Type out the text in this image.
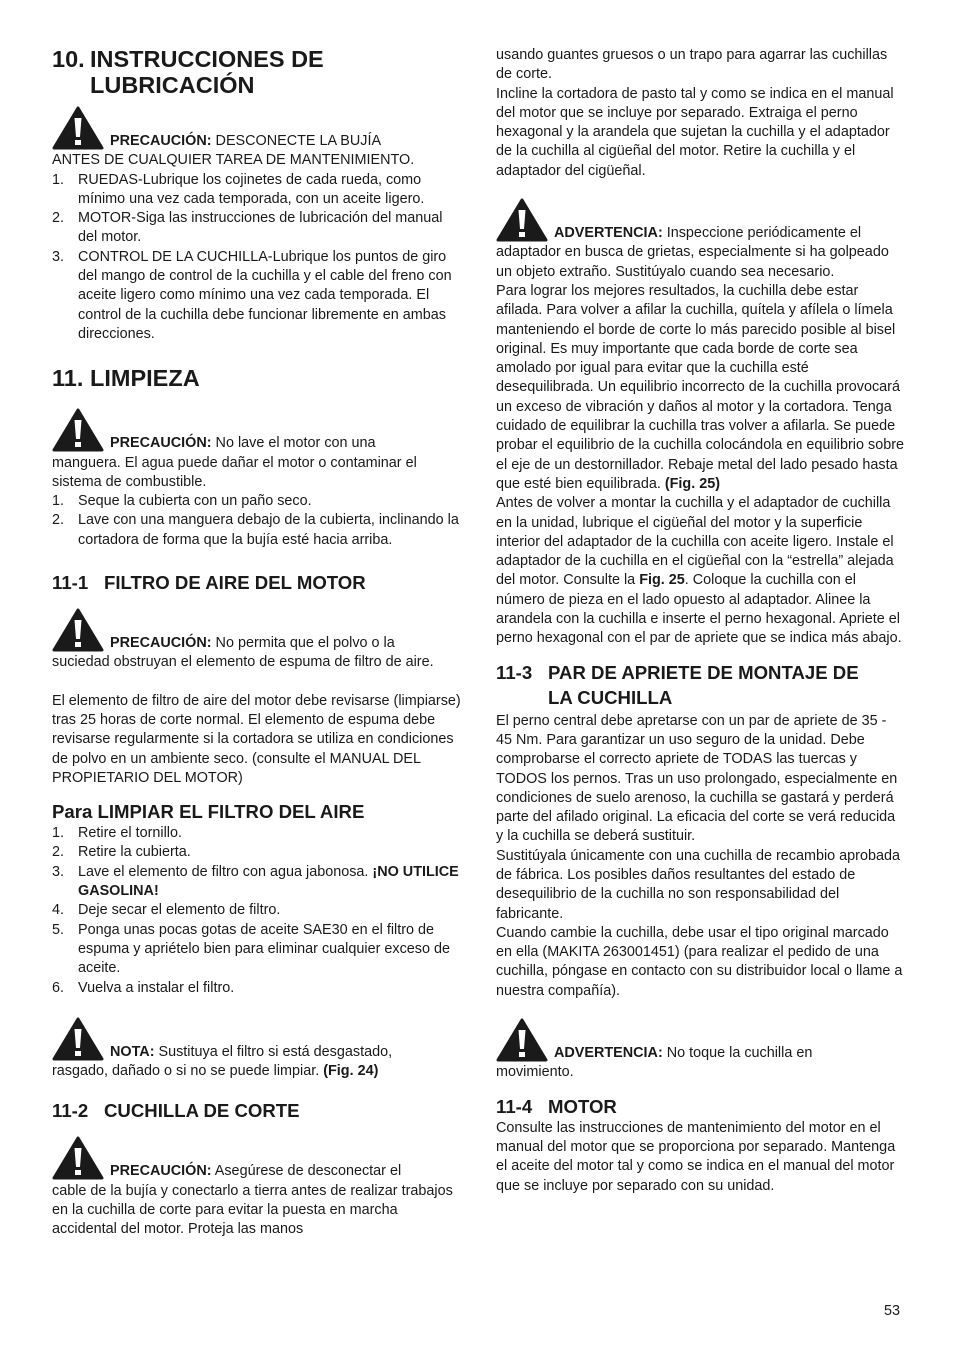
10. INSTRUCCIONES DE
LUBRICACIÓN
PRECAUCIÓN: DESCONECTE LA BUJÍA

ANTES DE CUALQUIER TAREA DE MANTENIMIENTO.

1. RUEDAS-Lubrique los cojinetes de cada rueda, como mínimo una vez cada temporada, con un aceite ligero.
2. MOTOR-Siga las instrucciones de lubricación del manual del motor.
3. CONTROL DE LA CUCHILLA-Lubrique los puntos de giro del mango de control de la cuchilla y el cable del freno con aceite ligero como mínimo una vez cada temporada. El control de la cuchilla debe funcionar libremente en ambas direcciones.
11. LIMPIEZA
PRECAUCIÓN: No lave el motor con una

manguera. El agua puede dañar el motor o contaminar el sistema de combustible.

1. Seque la cubierta con un paño seco.
2. Lave con una manguera debajo de la cubierta, inclinando la cortadora de forma que la bujía esté hacia arriba.
11-1 FILTRO DE AIRE DEL MOTOR
PRECAUCIÓN: No permita que el polvo o la

suciedad obstruyan el elemento de espuma de filtro de aire.

El elemento de filtro de aire del motor debe revisarse (limpiarse) tras 25 horas de corte normal. El elemento de espuma debe revisarse regularmente si la cortadora se utiliza en condiciones de polvo en un ambiente seco. (consulte el MANUAL DEL PROPIETARIO DEL MOTOR)

Para LIMPIAR EL FILTRO DEL AIRE
1. Retire el tornillo.
2. Retire la cubierta.
3. Lave el elemento de filtro con agua jabonosa. ¡NO UTILICE GASOLINA!
4. Deje secar el elemento de filtro.
5. Ponga unas pocas gotas de aceite SAE30 en el filtro de espuma y apriételo bien para eliminar cualquier exceso de aceite.
6. Vuelva a instalar el filtro.
NOTA: Sustituya el filtro si está desgastado,

rasgado, dañado o si no se puede limpiar. (Fig. 24)

11-2 CUCHILLA DE CORTE
PRECAUCIÓN: Asegúrese de desconectar el

cable de la bujía y conectarlo a tierra antes de realizar trabajos en la cuchilla de corte para evitar la puesta en marcha accidental del motor. Proteja las manos

usando guantes gruesos o un trapo para agarrar las cuchillas de corte.

Incline la cortadora de pasto tal y como se indica en el manual del motor que se incluye por separado. Extraiga el perno hexagonal y la arandela que sujetan la cuchilla y el adaptador de la cuchilla al cigüeñal del motor. Retire la cuchilla y el adaptador del cigüeñal.

ADVERTENCIA: Inspeccione periódicamente el

adaptador en busca de grietas, especialmente si ha golpeado un objeto extraño. Sustitúyalo cuando sea necesario.

Para lograr los mejores resultados, la cuchilla debe estar afilada. Para volver a afilar la cuchilla, quítela y afílela o límela manteniendo el borde de corte lo más parecido posible al bisel original. Es muy importante que cada borde de corte sea amolado por igual para evitar que la cuchilla esté desequilibrada. Un equilibrio incorrecto de la cuchilla provocará un exceso de vibración y daños al motor y la cortadora. Tenga cuidado de equilibrar la cuchilla tras volver a afilarla. Se puede probar el equilibrio de la cuchilla colocándola en equilibrio sobre el eje de un destornillador. Rebaje metal del lado pesado hasta que esté bien equilibrada. (Fig. 25)

Antes de volver a montar la cuchilla y el adaptador de cuchilla en la unidad, lubrique el cigüeñal del motor y la superficie interior del adaptador de la cuchilla con aceite ligero. Instale el adaptador de la cuchilla en el cigüeñal con la “estrella” alejada del motor. Consulte la Fig. 25. Coloque la cuchilla con el número de pieza en el lado opuesto al adaptador. Alinee la arandela con la cuchilla e inserte el perno hexagonal. Apriete el perno hexagonal con el par de apriete que se indica más abajo.

11-3 PAR DE APRIETE DE MONTAJE DE
LA CUCHILLA

El perno central debe apretarse con un par de apriete de 35 - 45 Nm. Para garantizar un uso seguro de la unidad. Debe comprobarse el correcto apriete de TODAS las tuercas y TODOS los pernos. Tras un uso prolongado, especialmente en condiciones de suelo arenoso, la cuchilla se gastará y perderá parte del afilado original. La eficacia del corte se verá reducida y la cuchilla se deberá sustituir.

Sustitúyala únicamente con una cuchilla de recambio aprobada de fábrica. Los posibles daños resultantes del estado de desequilibrio de la cuchilla no son responsabilidad del fabricante.

Cuando cambie la cuchilla, debe usar el tipo original marcado en ella (MAKITA 263001451) (para realizar el pedido de una cuchilla, póngase en contacto con su distribuidor local o llame a nuestra compañía).

ADVERTENCIA: No toque la cuchilla en

movimiento.

11-4 MOTOR

Consulte las instrucciones de mantenimiento del motor en el manual del motor que se proporciona por separado. Mantenga el aceite del motor tal y como se indica en el manual del motor que se incluye por separado con su unidad.

53
